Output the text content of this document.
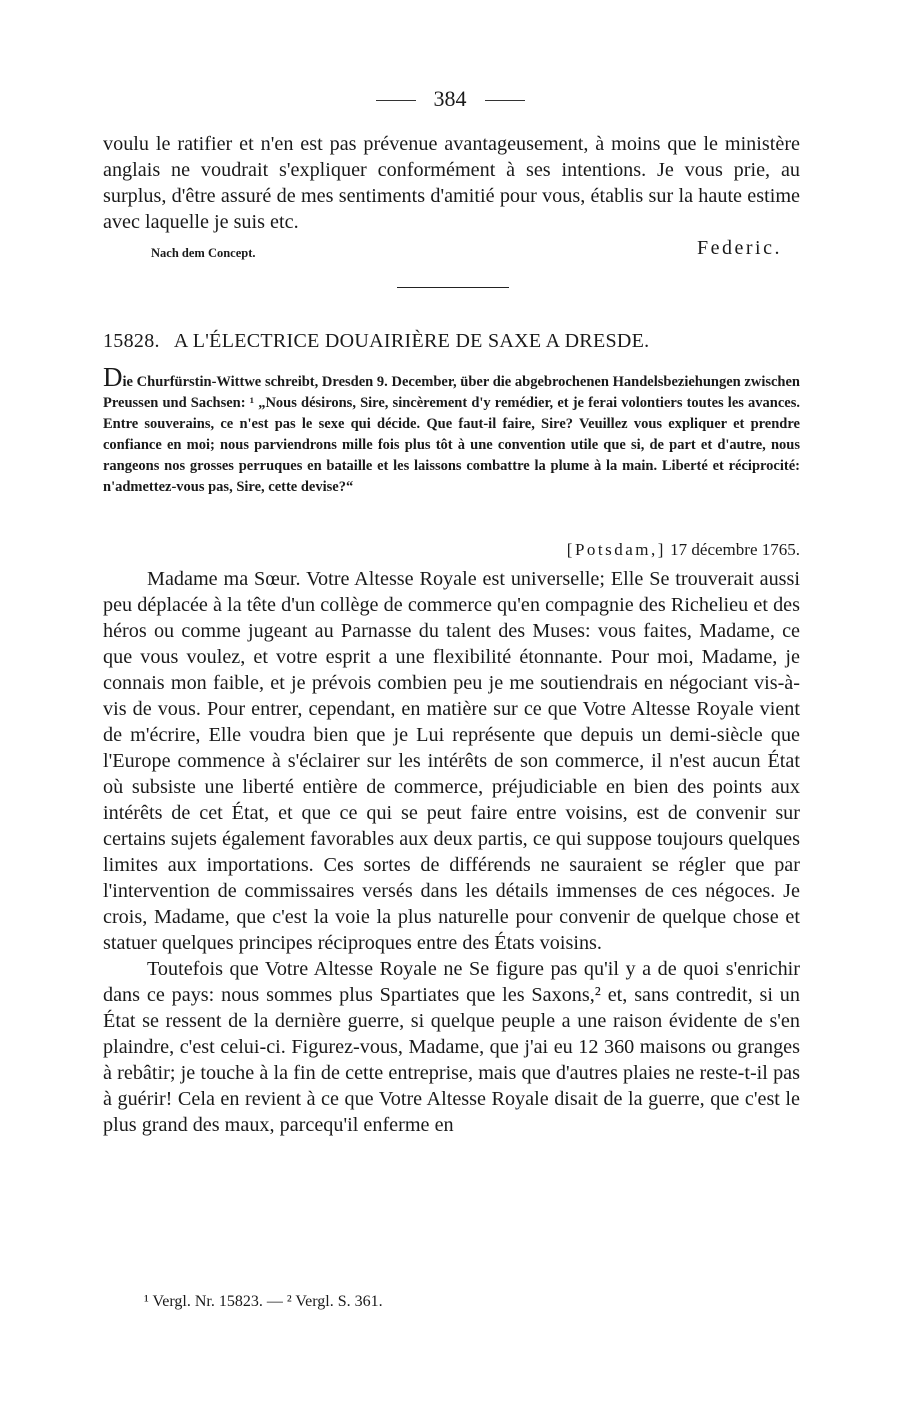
384

voulu le ratifier et n'en est pas prévenue avantageusement, à moins que le ministère anglais ne voudrait s'expliquer conformément à ses intentions. Je vous prie, au surplus, d'être assuré de mes sentiments d'amitié pour vous, établis sur la haute estime avec laquelle je suis etc.

Nach dem Concept.	Federic.
15828. A L'ÉLECTRICE DOUAIRIÈRE DE SAXE A DRESDE.
Die Churfürstin-Wittwe schreibt, Dresden 9. December, über die abgebrochenen Handelsbeziehungen zwischen Preussen und Sachsen: ¹ „Nous désirons, Sire, sincèrement d'y remédier, et je ferai volontiers toutes les avances. Entre souverains, ce n'est pas le sexe qui décide. Que faut-il faire, Sire? Veuillez vous expliquer et prendre confiance en moi; nous parviendrons mille fois plus tôt à une convention utile que si, de part et d'autre, nous rangeons nos grosses perruques en bataille et les laissons combattre la plume à la main. Liberté et réciprocité: n'admettez-vous pas, Sire, cette devise?“
[Potsdam,] 17 décembre 1765.

Madame ma Sœur. Votre Altesse Royale est universelle; Elle Se trouverait aussi peu déplacée à la tête d'un collège de commerce qu'en compagnie des Richelieu et des héros ou comme jugeant au Parnasse du talent des Muses: vous faites, Madame, ce que vous voulez, et votre esprit a une flexibilité étonnante. Pour moi, Madame, je connais mon faible, et je prévois combien peu je me soutiendrais en négociant vis-à-vis de vous. Pour entrer, cependant, en matière sur ce que Votre Altesse Royale vient de m'écrire, Elle voudra bien que je Lui représente que depuis un demi-siècle que l'Europe commence à s'éclairer sur les intérêts de son commerce, il n'est aucun État où subsiste une liberté entière de commerce, préjudiciable en bien des points aux intérêts de cet État, et que ce qui se peut faire entre voisins, est de convenir sur certains sujets également favorables aux deux partis, ce qui suppose toujours quelques limites aux importations. Ces sortes de différends ne sauraient se régler que par l'intervention de commissaires versés dans les détails immenses de ces négoces. Je crois, Madame, que c'est la voie la plus naturelle pour convenir de quelque chose et statuer quelques principes réciproques entre des États voisins.

Toutefois que Votre Altesse Royale ne Se figure pas qu'il y a de quoi s'enrichir dans ce pays: nous sommes plus Spartiates que les Saxons,² et, sans contredit, si un État se ressent de la dernière guerre, si quelque peuple a une raison évidente de s'en plaindre, c'est celui-ci. Figurez-vous, Madame, que j'ai eu 12 360 maisons ou granges à rebâtir; je touche à la fin de cette entreprise, mais que d'autres plaies ne reste-t-il pas à guérir! Cela en revient à ce que Votre Altesse Royale disait de la guerre, que c'est le plus grand des maux, parcequ'il enferme en

¹ Vergl. Nr. 15823. — ² Vergl. S. 361.
